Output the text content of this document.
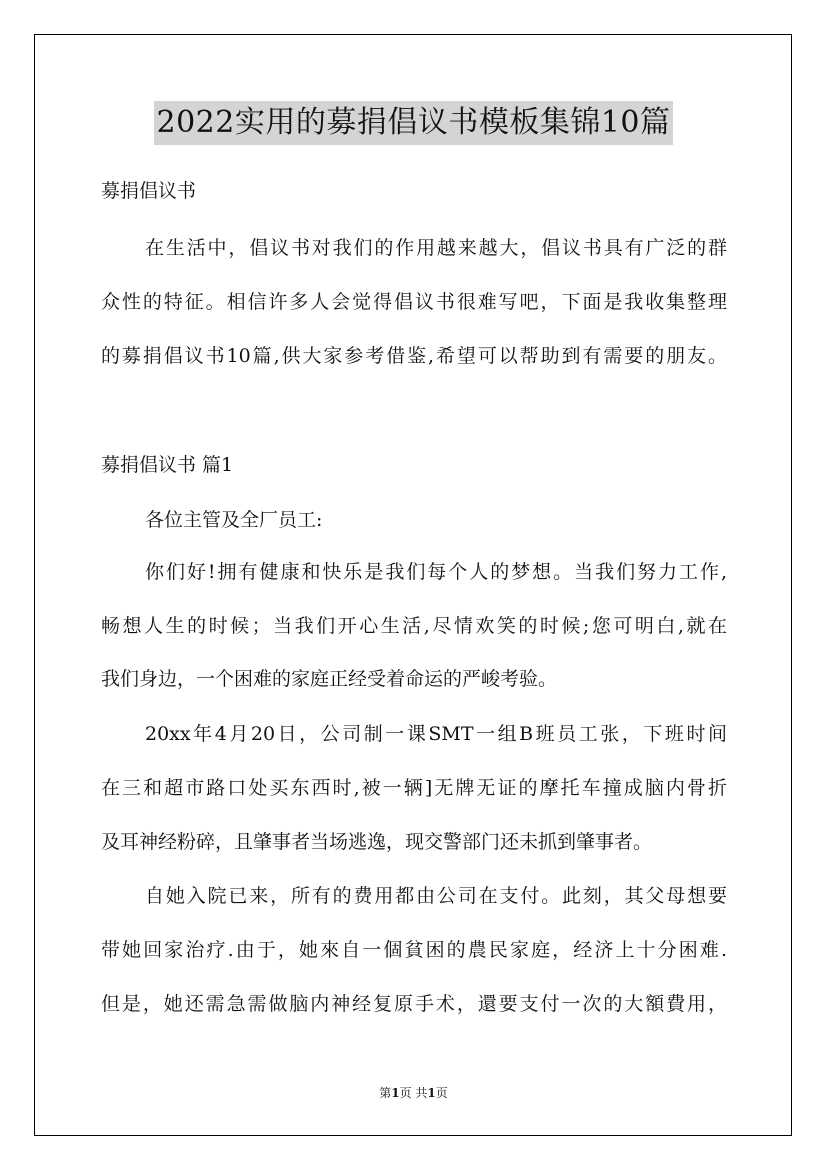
2022实用的募捐倡议书模板集锦10篇
募捐倡议书
在生活中，倡议书对我们的作用越来越大，倡议书具有广泛的群
众性的特征。相信许多人会觉得倡议书很难写吧，下面是我收集整理
的募捐倡议书10篇,供大家参考借鉴,希望可以帮助到有需要的朋友。
募捐倡议书 篇1
各位主管及全厂员工:
你们好!拥有健康和快乐是我们每个人的梦想。当我们努力工作,
畅想人生的时候；当我们开心生活,尽情欢笑的时候;您可明白,就在
我们身边，一个困难的家庭正经受着命运的严峻考验。
20xx年4月20日，公司制一课SMT一组B班员工张，下班时间
在三和超市路口处买东西时,被一辆]无牌无证的摩托车撞成脑内骨折
及耳神经粉碎，且肇事者当场逃逸，现交警部门还未抓到肇事者。
自她入院已来，所有的费用都由公司在支付。此刻，其父母想要
带她回家治疗.由于，她來自一個貧困的農民家庭，经济上十分困难.
但是，她还需急需做脑内神经复原手术，還要支付一次的大額費用，
第1页 共1页
